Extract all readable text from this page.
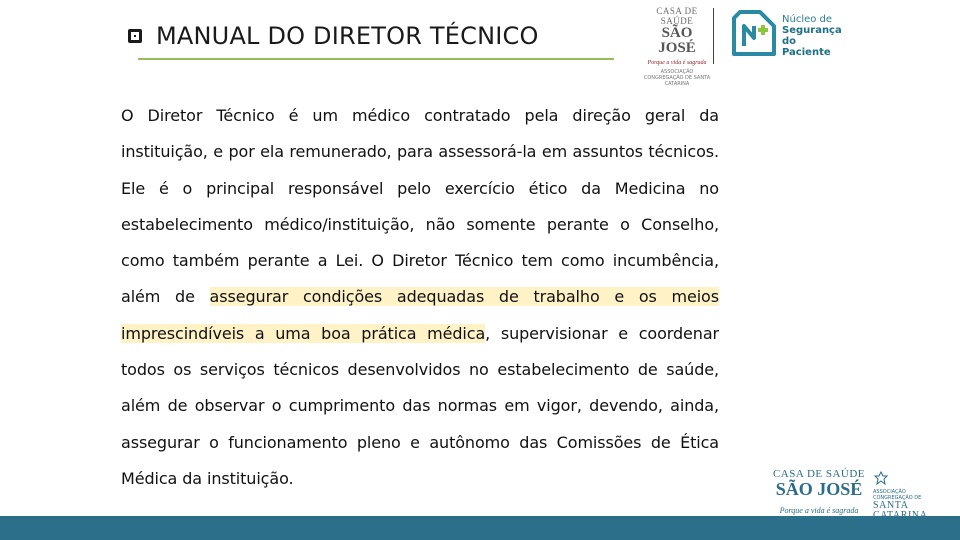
MANUAL DO DIRETOR TÉCNICO
CASA DE SAÚDE
SÃO JOSÉ
Porque a vida é sagrada
ASSOCIAÇÃO CONGREGAÇÃO DE SANTA CATARINA
Núcleo de
Segurança
do Paciente

O Diretor Técnico é um médico contratado pela direção geral da instituição, e por ela remunerado, para assessorá-la em assuntos técnicos. Ele é o principal responsável pelo exercício ético da Medicina no estabelecimento médico/instituição, não somente perante o Conselho, como também perante a Lei. O Diretor Técnico tem como incumbência, além de assegurar condições adequadas de trabalho e os meios imprescindíveis a uma boa prática médica, supervisionar e coordenar todos os serviços técnicos desenvolvidos no estabelecimento de saúde, além de observar o cumprimento das normas em vigor, devendo, ainda, assegurar o funcionamento pleno e autônomo das Comissões de Ética Médica da instituição.	CASA DE SAÚDE
SÃO JOSÉ
Porque a vida é sagrada
ASSOCIAÇÃO
CONGREGAÇÃO DE
SANTA
